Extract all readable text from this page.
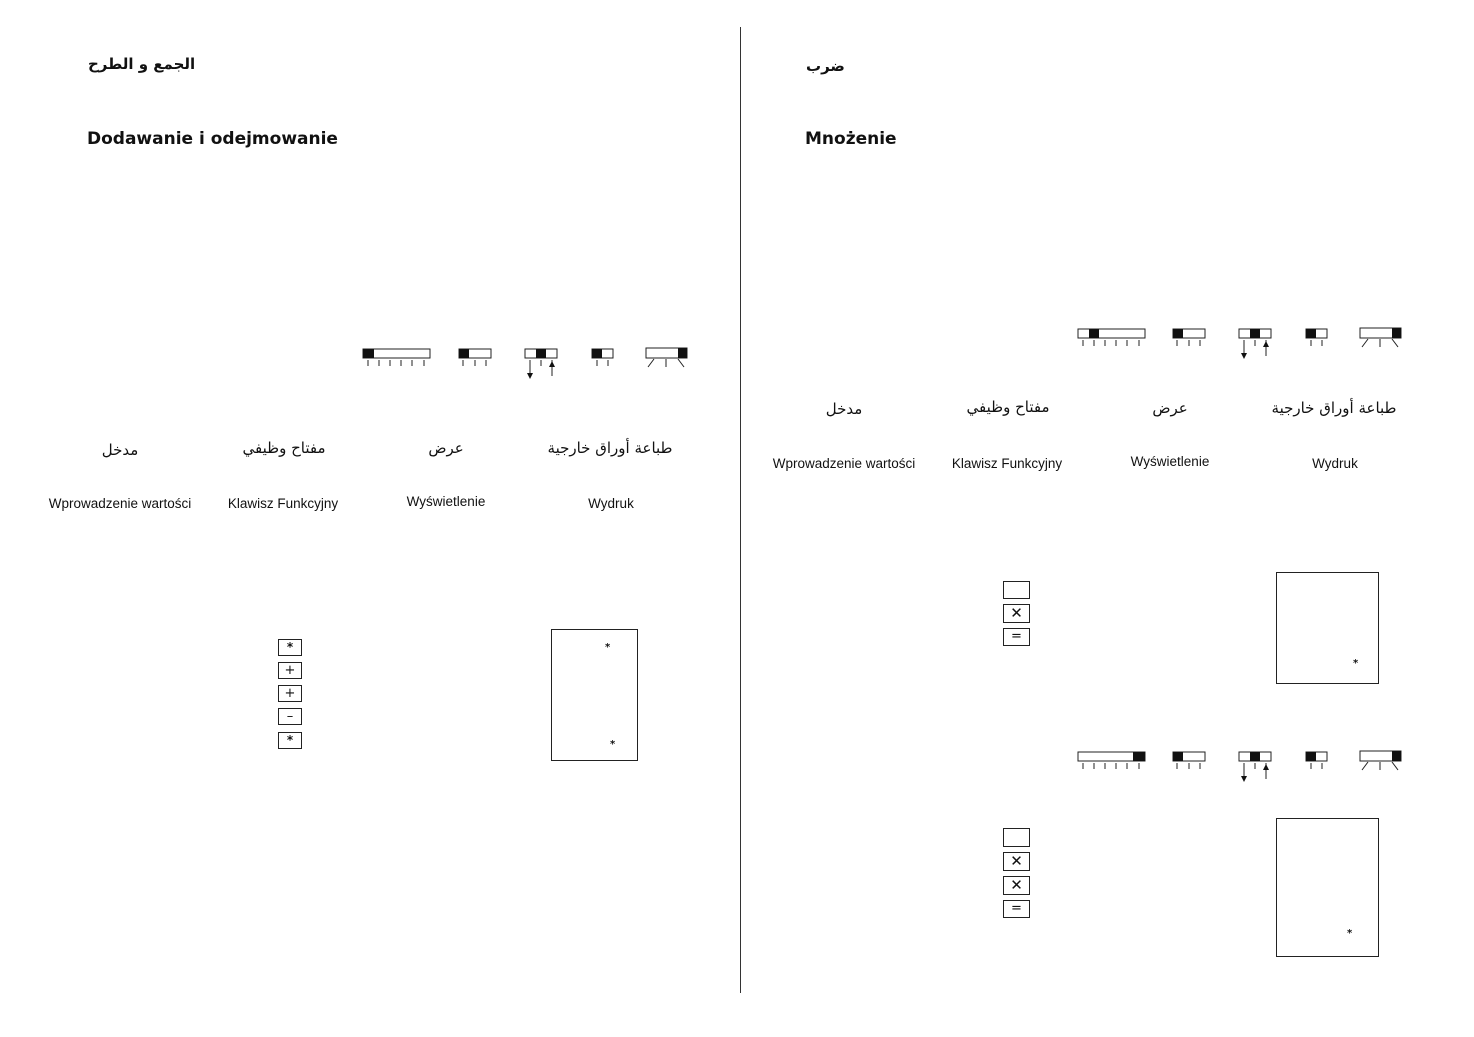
الجمع و الطرح
Dodawanie i odejmowanie
مدخل	مفتاح وظيفي	عرض	طباعة أوراق خارجية
Wprowadzenie wartości	Klawisz Funkcyjny	Wyświetlenie	Wydruk
*
+
+
–
*
*
*
ضرب
Mnożenie
مدخل	مفتاح وظيفي	عرض	طباعة أوراق خارجية
Wprowadzenie wartości	Klawisz Funkcyjny	Wyświetlenie	Wydruk
✕
=
*
✕
✕
=
*
